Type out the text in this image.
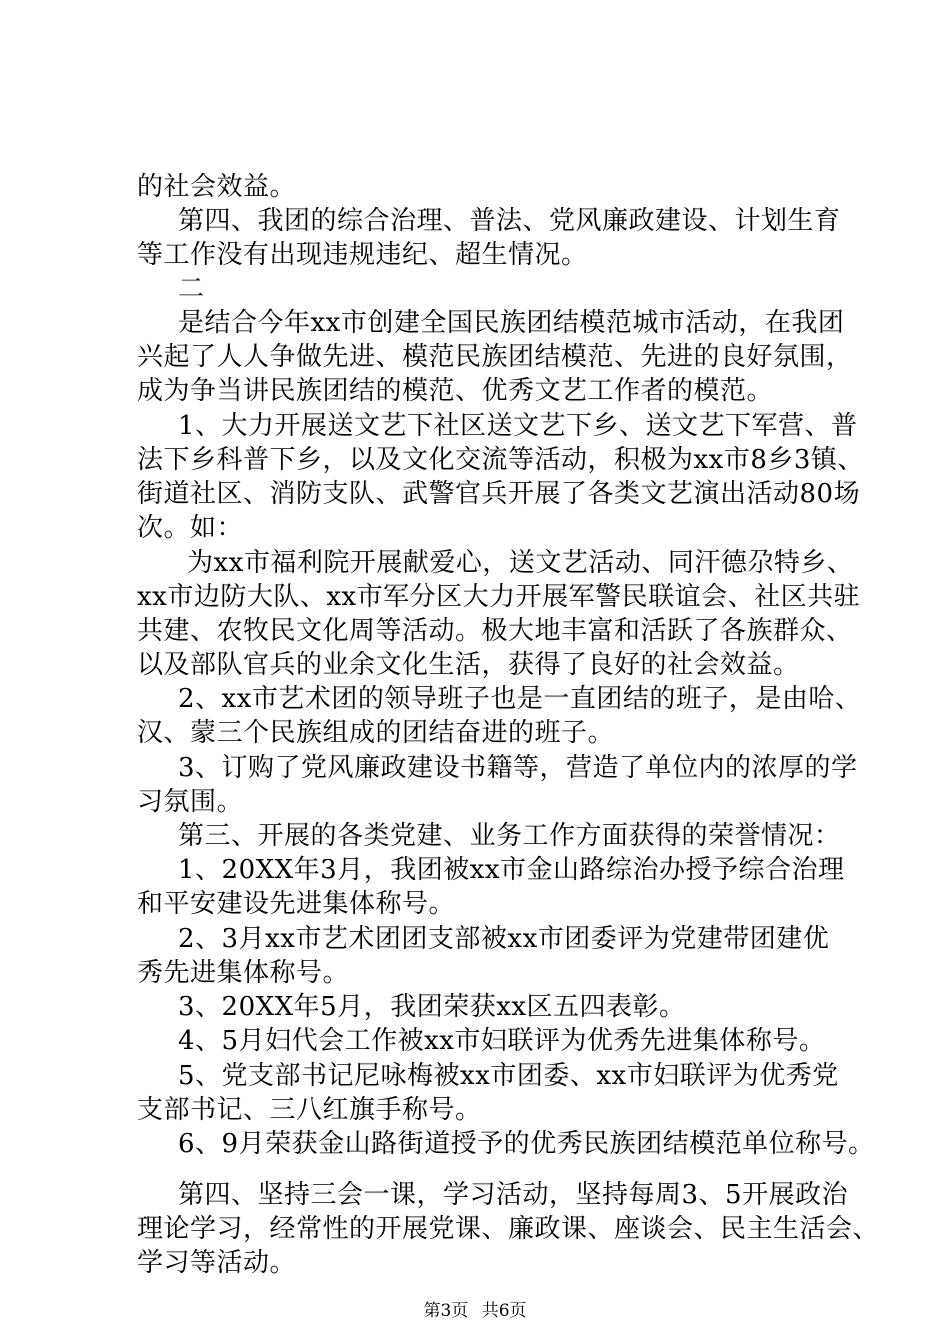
的社会效益。
第四、我团的综合治理、普法、党风廉政建设、计划生育
等工作没有出现违规违纪、超生情况。
二
是结合今年xx市创建全国民族团结模范城市活动，在我团
兴起了人人争做先进、模范民族团结模范、先进的良好氛围，
成为争当讲民族团结的模范、优秀文艺工作者的模范。
1、大力开展送文艺下社区送文艺下乡、送文艺下军营、普
法下乡科普下乡，以及文化交流等活动，积极为xx市8乡3镇、
街道社区、消防支队、武警官兵开展了各类文艺演出活动80场
次。如：
为xx市福利院开展献爱心，送文艺活动、同汗德尕特乡、
xx市边防大队、xx市军分区大力开展军警民联谊会、社区共驻
共建、农牧民文化周等活动。极大地丰富和活跃了各族群众、
以及部队官兵的业余文化生活，获得了良好的社会效益。
2、xx市艺术团的领导班子也是一直团结的班子，是由哈、
汉、蒙三个民族组成的团结奋进的班子。
3、订购了党风廉政建设书籍等，营造了单位内的浓厚的学
习氛围。
第三、开展的各类党建、业务工作方面获得的荣誉情况：
1、20XX年3月，我团被xx市金山路综治办授予综合治理
和平安建设先进集体称号。
2、3月xx市艺术团团支部被xx市团委评为党建带团建优
秀先进集体称号。
3、20XX年5月，我团荣获xx区五四表彰。
4、5月妇代会工作被xx市妇联评为优秀先进集体称号。
5、党支部书记尼咏梅被xx市团委、xx市妇联评为优秀党
支部书记、三八红旗手称号。
6、9月荣获金山路街道授予的优秀民族团结模范单位称号。
第四、坚持三会一课，学习活动，坚持每周3、5开展政治
理论学习，经常性的开展党课、廉政课、座谈会、民主生活会、
学习等活动。
第3页 共6页
